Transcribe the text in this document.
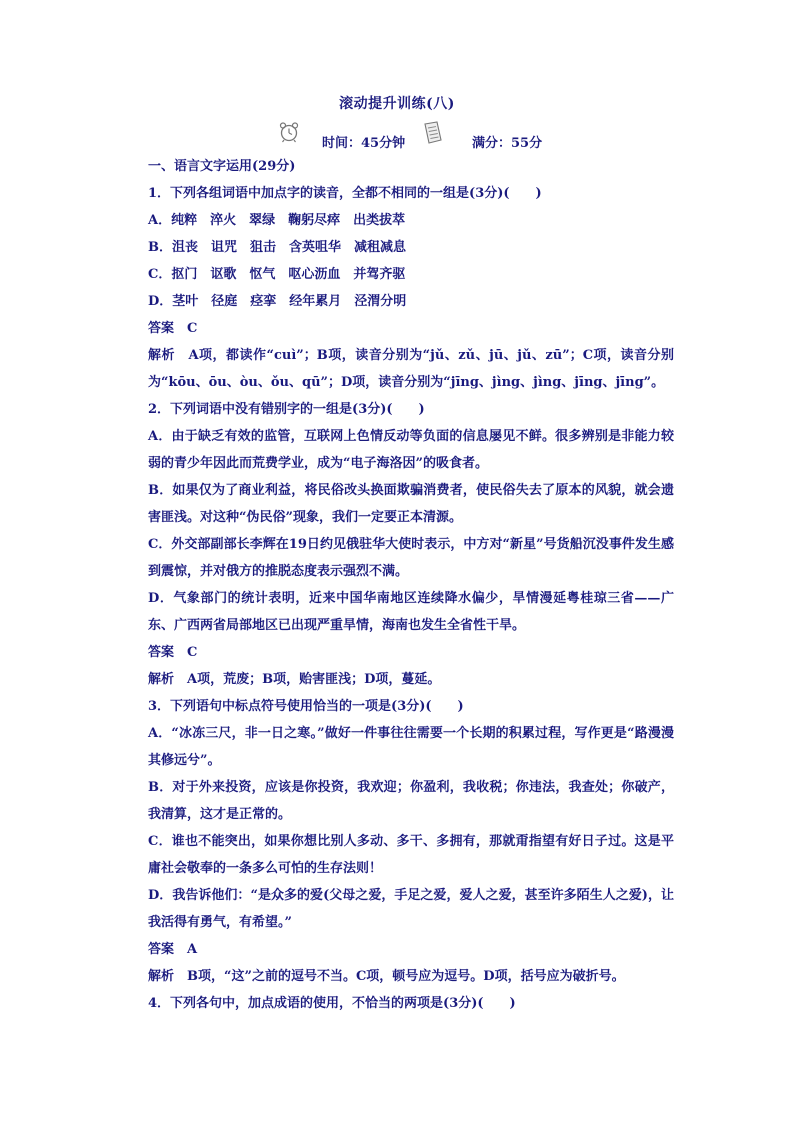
滚动提升训练(八)
时间：45分钟	满分：55分
一、语言文字运用(29分)
1．下列各组词语中加点字的读音，全都不相同的一组是(3分)(　　)
A．纯粹　淬火　翠绿　鞠躬尽瘁　出类拔萃
B．沮丧　诅咒　狙击　含英咀华　减租减息
C．抠门　讴歌　怄气　呕心沥血　并驾齐驱
D．茎叶　径庭　痉挛　经年累月　泾渭分明
答案　C
解析　A项，都读作“cuì”；B项，读音分别为“jǔ、zǔ、jū、jǔ、zū”；C项，读音分别为“kōu、ōu、òu、ǒu、qū”；D项，读音分别为“jīng、jìng、jìng、jīng、jīng”。
2．下列词语中没有错别字的一组是(3分)(　　)
A．由于缺乏有效的监管，互联网上色情反动等负面的信息屡见不鲜。很多辨别是非能力较弱的青少年因此而荒费学业，成为“电子海洛因”的吸食者。
B．如果仅为了商业利益，将民俗改头换面欺骗消费者，使民俗失去了原本的风貌，就会遗害匪浅。对这种“伪民俗”现象，我们一定要正本清源。
C．外交部副部长李辉在19日约见俄驻华大使时表示，中方对“新星”号货船沉没事件发生感到震惊，并对俄方的推脱态度表示强烈不满。
D．气象部门的统计表明，近来中国华南地区连续降水偏少，旱情漫延粤桂琼三省——广东、广西两省局部地区已出现严重旱情，海南也发生全省性干旱。
答案　C
解析　A项，荒废；B项，贻害匪浅；D项，蔓延。
3．下列语句中标点符号使用恰当的一项是(3分)(　　)
A．“冰冻三尺，非一日之寒。”做好一件事往往需要一个长期的积累过程，写作更是“路漫漫其修远兮”。
B．对于外来投资，应该是你投资，我欢迎；你盈利，我收税；你违法，我查处；你破产，我清算，这才是正常的。
C．谁也不能突出，如果你想比别人多动、多干、多拥有，那就甭指望有好日子过。这是平庸社会敬奉的一条多么可怕的生存法则！
D．我告诉他们：“是众多的爱(父母之爱，手足之爱，爱人之爱，甚至许多陌生人之爱)，让我活得有勇气，有希望。”
答案　A
解析　B项，“这”之前的逗号不当。C项，顿号应为逗号。D项，括号应为破折号。
4．下列各句中，加点成语的使用，不恰当的两项是(3分)(　　)
